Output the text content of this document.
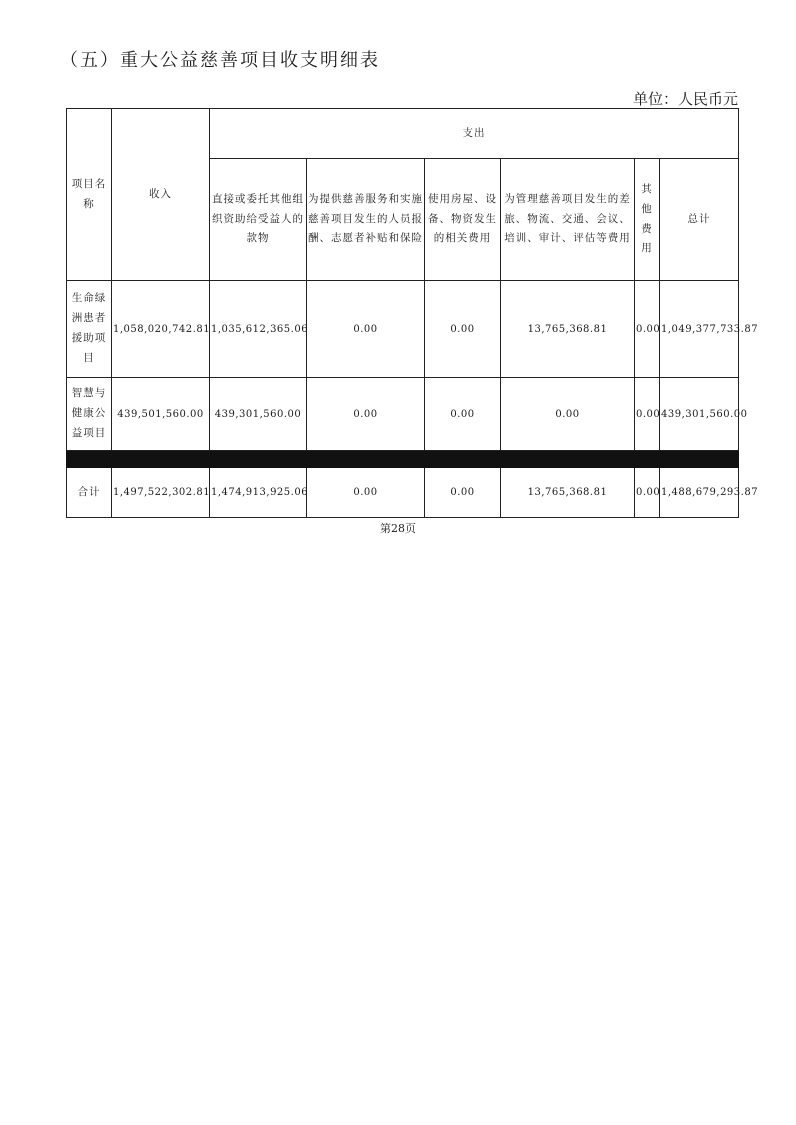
（五）重大公益慈善项目收支明细表
单位：人民币元
项目名称	收入	支出					
		直接或委托其他组织资助给受益人的款物	为提供慈善服务和实施慈善项目发生的人员报酬、志愿者补贴和保险	使用房屋、设备、物资发生的相关费用	为管理慈善项目发生的差旅、物流、交通、会议、培训、审计、评估等费用	其他费用	总计
生命绿洲患者援助项目	1,058,020,742.81	1,035,612,365.06	0.00	0.00	13,765,368.81	0.00	1,049,377,733.87
智慧与健康公益项目	439,501,560.00	439,301,560.00	0.00	0.00	0.00	0.00	439,301,560.00

合计	1,497,522,302.81	1,474,913,925.06	0.00	0.00	13,765,368.81	0.00	1,488,679,293.87
第28页
